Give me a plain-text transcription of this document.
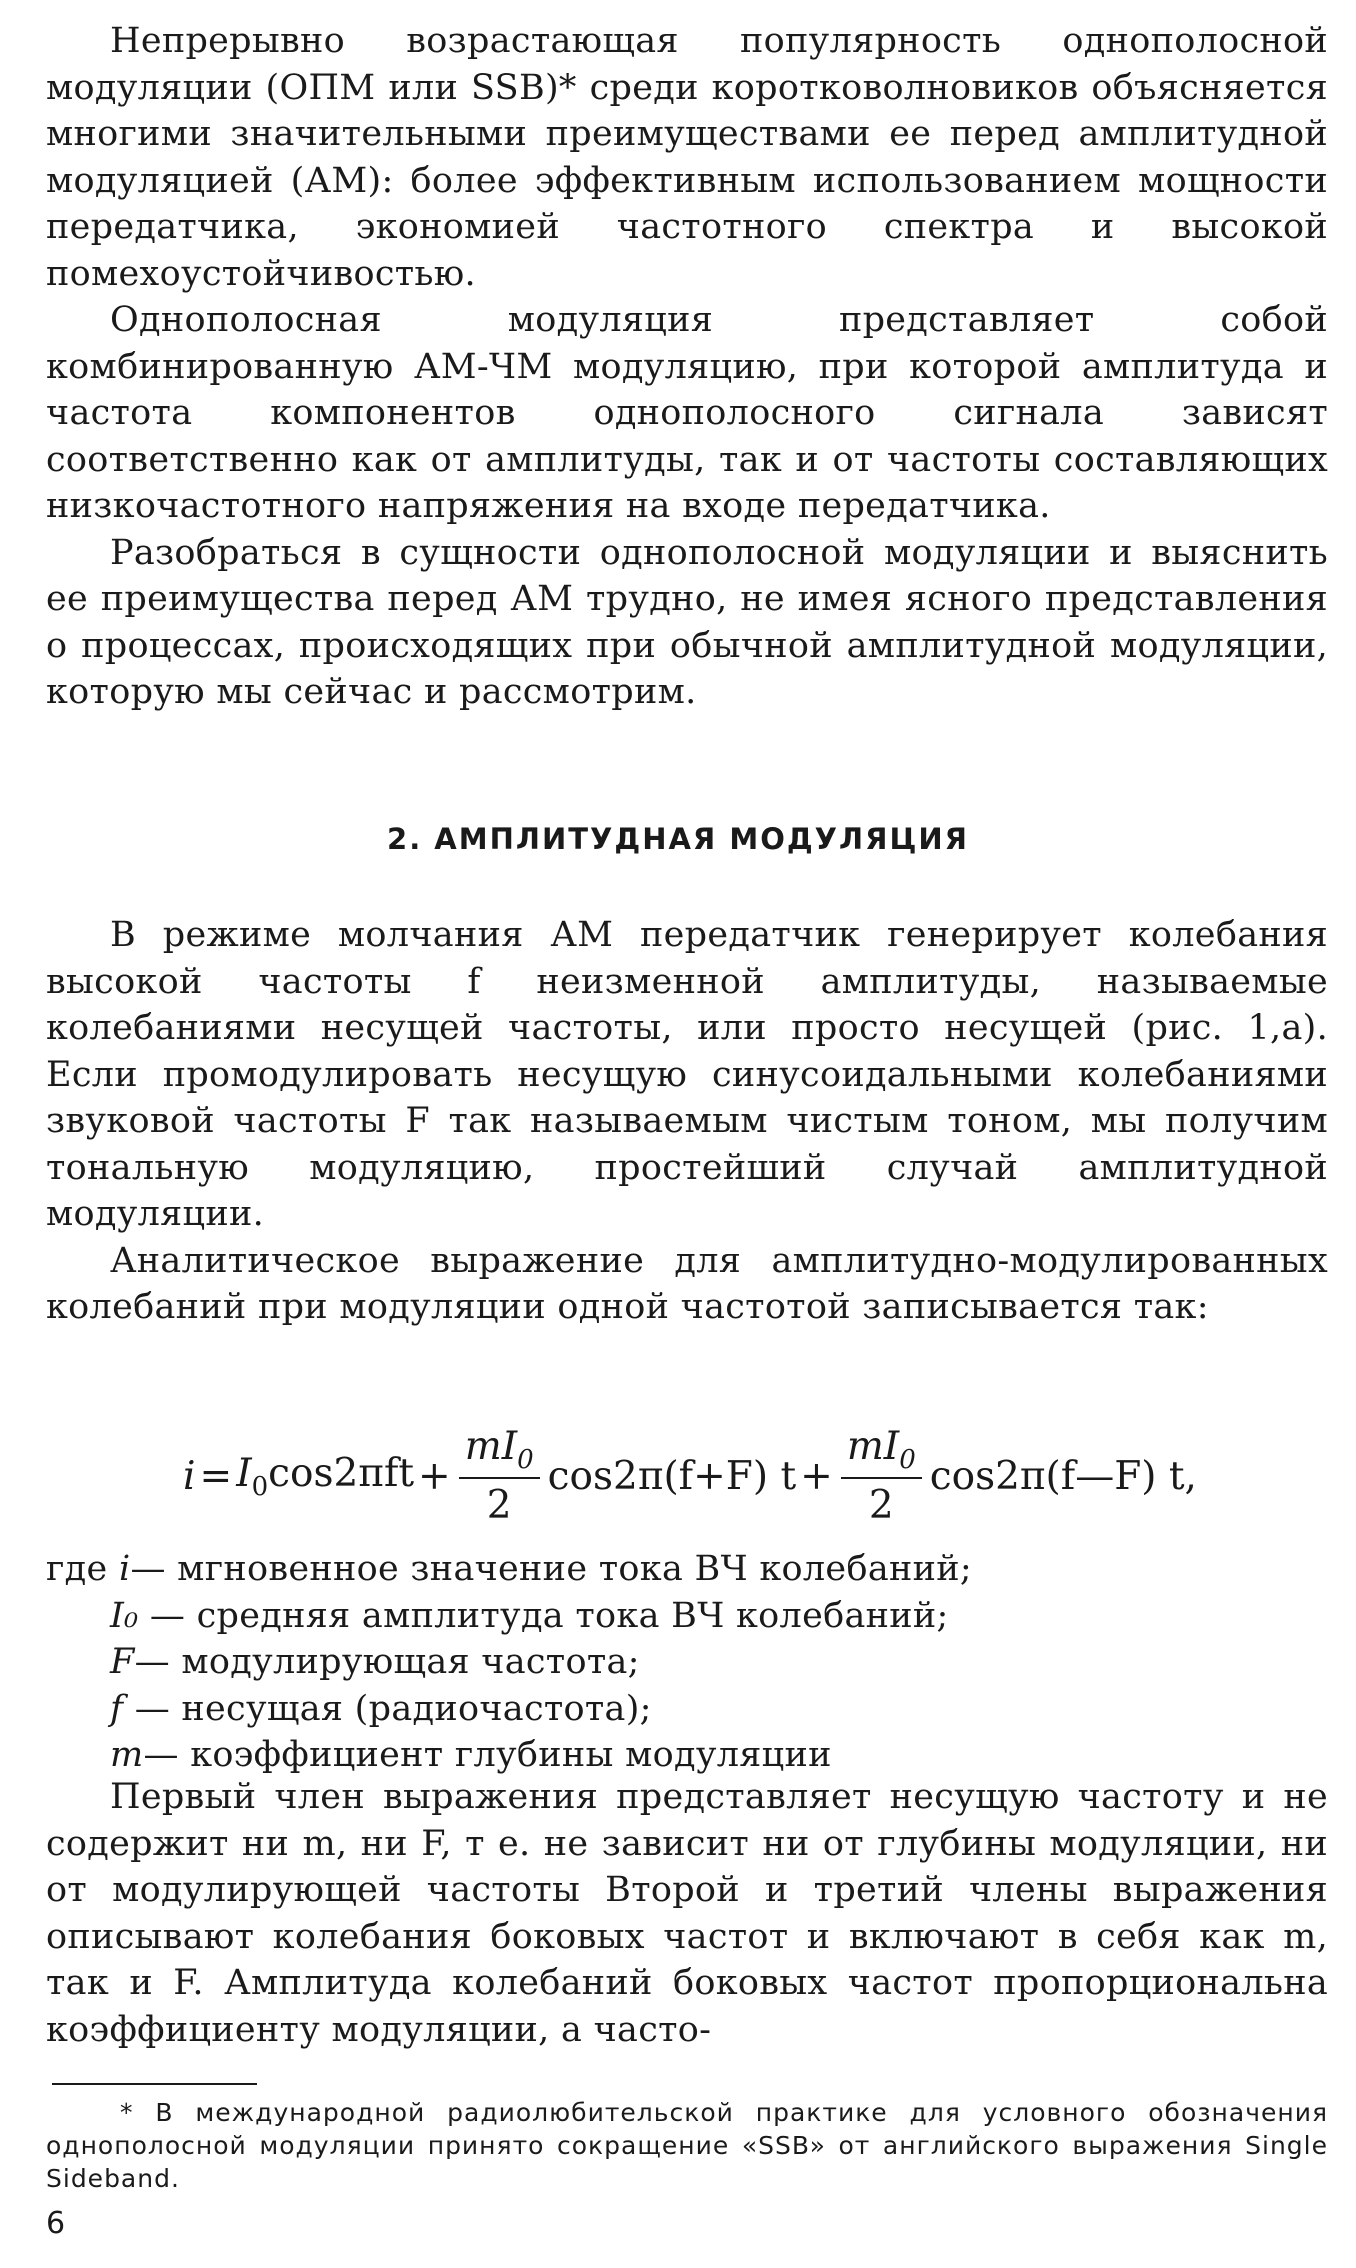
Непрерывно возрастающая популярность однополосной модуляции (ОПМ или SSB)* среди коротковолновиков объясняется многими значительными преимуществами ее перед амплитудной модуляцией (АМ): более эффективным использованием мощности передатчика, экономией частотного спектра и высокой помехоустойчивостью.

Однополосная модуляция представляет собой комбинированную АМ-ЧМ модуляцию, при которой амплитуда и частота компонентов однополосного сигнала зависят соответственно как от амплитуды, так и от частоты составляющих низкочастотного напряжения на входе передатчика.

Разобраться в сущности однополосной модуляции и выяснить ее преимущества перед АМ трудно, не имея ясного представления о процессах, происходящих при обычной амплитудной модуляции, которую мы сейчас и рассмотрим.

2. АМПЛИТУДНАЯ МОДУЛЯЦИЯ

В режиме молчания АМ передатчик генерирует колебания высокой частоты f неизменной амплитуды, называемые колебаниями несущей частоты, или просто несущей (рис. 1,а). Если промодулировать несущую синусоидальными колебаниями звуковой частоты F так называемым чистым тоном, мы получим тональную модуляцию, простейший случай амплитудной модуляции.

Аналитическое выражение для амплитудно-модулированных колебаний при модуляции одной частотой записывается так:

$i = I_0\cos 2\pi ft + \frac{mI_0}{2} \cos 2\pi(f+F) t + \frac{mI_0}{2}$ cos2π(f—F) t,

где i— мгновенное значение тока ВЧ колебаний;

I₀ — средняя амплитуда тока ВЧ колебаний;

F— модулирующая частота;

f — несущая (радиочастота);

m— коэффициент глубины модуляции

Первый член выражения представляет несущую частоту и не содержит ни m, ни F, т е. не зависит ни от глубины модуляции, ни от модулирующей частоты Второй и третий члены выражения описывают колебания боковых частот и включают в себя как m, так и F. Амплитуда колебаний боковых частот пропорциональна коэффициенту модуляции, а часто-

* В международной радиолюбительской практике для условного обозначения однополосной модуляции принято сокращение «SSB» от английского выражения Single Sideband.

6
